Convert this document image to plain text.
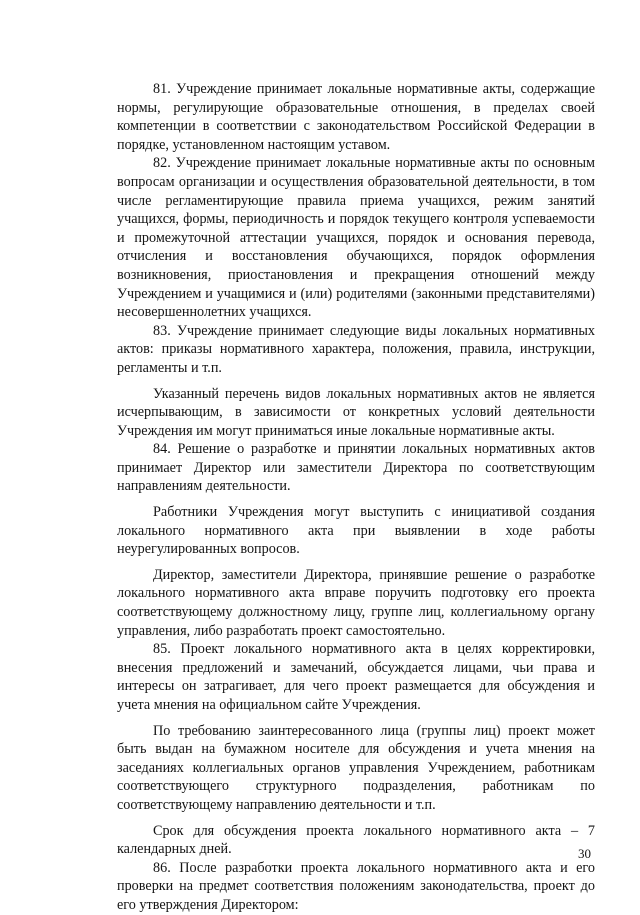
81. Учреждение принимает локальные нормативные акты, содержащие нормы, регулирующие образовательные отношения, в пределах своей компетенции в соответствии с законодательством Российской Федерации в порядке, установленном настоящим уставом.

82. Учреждение принимает локальные нормативные акты по основным вопросам организации и осуществления образовательной деятельности, в том числе регламентирующие правила приема учащихся, режим занятий учащихся, формы, периодичность и порядок текущего контроля успеваемости и промежуточной аттестации учащихся, порядок и основания перевода, отчисления и восстановления обучающихся, порядок оформления возникновения, приостановления и прекращения отношений между Учреждением и учащимися и (или) родителями (законными представителями) несовершеннолетних учащихся.

83. Учреждение принимает следующие виды локальных нормативных актов: приказы нормативного характера, положения, правила, инструкции, регламенты и т.п.

Указанный перечень видов локальных нормативных актов не является исчерпывающим, в зависимости от конкретных условий деятельности Учреждения им могут приниматься иные локальные нормативные акты.

84. Решение о разработке и принятии локальных нормативных актов принимает Директор или заместители Директора по соответствующим направлениям деятельности.

Работники Учреждения могут выступить с инициативой создания локального нормативного акта при выявлении в ходе работы неурегулированных вопросов.

Директор, заместители Директора, принявшие решение о разработке локального нормативного акта вправе поручить подготовку его проекта соответствующему должностному лицу, группе лиц, коллегиальному органу управления, либо разработать проект самостоятельно.

85. Проект локального нормативного акта в целях корректировки, внесения предложений и замечаний, обсуждается лицами, чьи права и интересы он затрагивает, для чего проект размещается для обсуждения и учета мнения на официальном сайте Учреждения.

По требованию заинтересованного лица (группы лиц) проект может быть выдан на бумажном носителе для обсуждения и учета мнения на заседаниях коллегиальных органов управления Учреждением, работникам соответствующего структурного подразделения, работникам по соответствующему направлению деятельности и т.п.

Срок для обсуждения проекта локального нормативного акта – 7 календарных дней.

86. После разработки проекта локального нормативного акта и его проверки на предмет соответствия положениям законодательства, проект до его утверждения Директором:

30
